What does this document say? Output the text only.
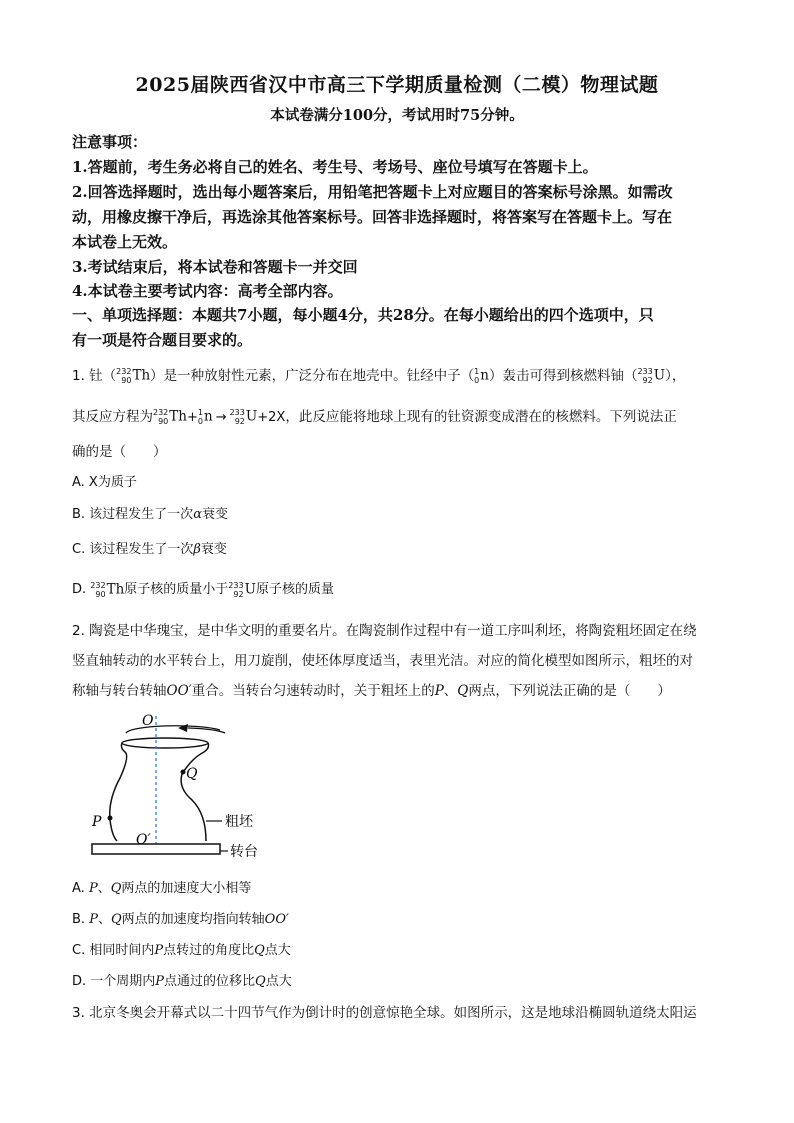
2025届陕西省汉中市高三下学期质量检测（二模）物理试题
本试卷满分100分，考试用时75分钟。
注意事项：
1.答题前，考生务必将自己的姓名、考生号、考场号、座位号填写在答题卡上。
2.回答选择题时，选出每小题答案后，用铅笔把答题卡上对应题目的答案标号涂黑。如需改
动，用橡皮擦干净后，再选涂其他答案标号。回答非选择题时，将答案写在答题卡上。写在
本试卷上无效。
3.考试结束后，将本试卷和答题卡一并交回
4.本试卷主要考试内容：高考全部内容。
一、单项选择题：本题共7小题，每小题4分，共28分。在每小题给出的四个选项中，只
有一项是符合题目要求的。
1. 钍（ 232
90 Th）是一种放射性元素，广泛分布在地壳中。钍经中子（ 1
0 n）轰击可得到核燃料铀（ 233
92 U），
其反应方程为 232
90 Th+ 1
0 n → 233
92 U+2X，此反应能将地球上现有的钍资源变成潜在的核燃料。下列说法正
确的是（　　）
A. X为质子
B. 该过程发生了一次α衰变
C. 该过程发生了一次β衰变
D. 232
90 Th原子核的质量小于 233
92 U原子核的质量
2. 陶瓷是中华瑰宝，是中华文明的重要名片。在陶瓷制作过程中有一道工序叫利坯，将陶瓷粗坯固定在绕
竖直轴转动的水平转台上，用刀旋削，使坯体厚度适当，表里光洁。对应的简化模型如图所示，粗坯的对
称轴与转台转轴OO′重合。当转台匀速转动时，关于粗坯上的P、Q两点，下列说法正确的是（　　）
O
Q
P
O′
粗坯
转台
A. P、Q两点的加速度大小相等
B. P、Q两点的加速度均指向转轴OO′
C. 相同时间内P点转过的角度比Q点大
D. 一个周期内P点通过的位移比Q点大
3. 北京冬奥会开幕式以二十四节气作为倒计时的创意惊艳全球。如图所示，这是地球沿椭圆轨道绕太阳运
